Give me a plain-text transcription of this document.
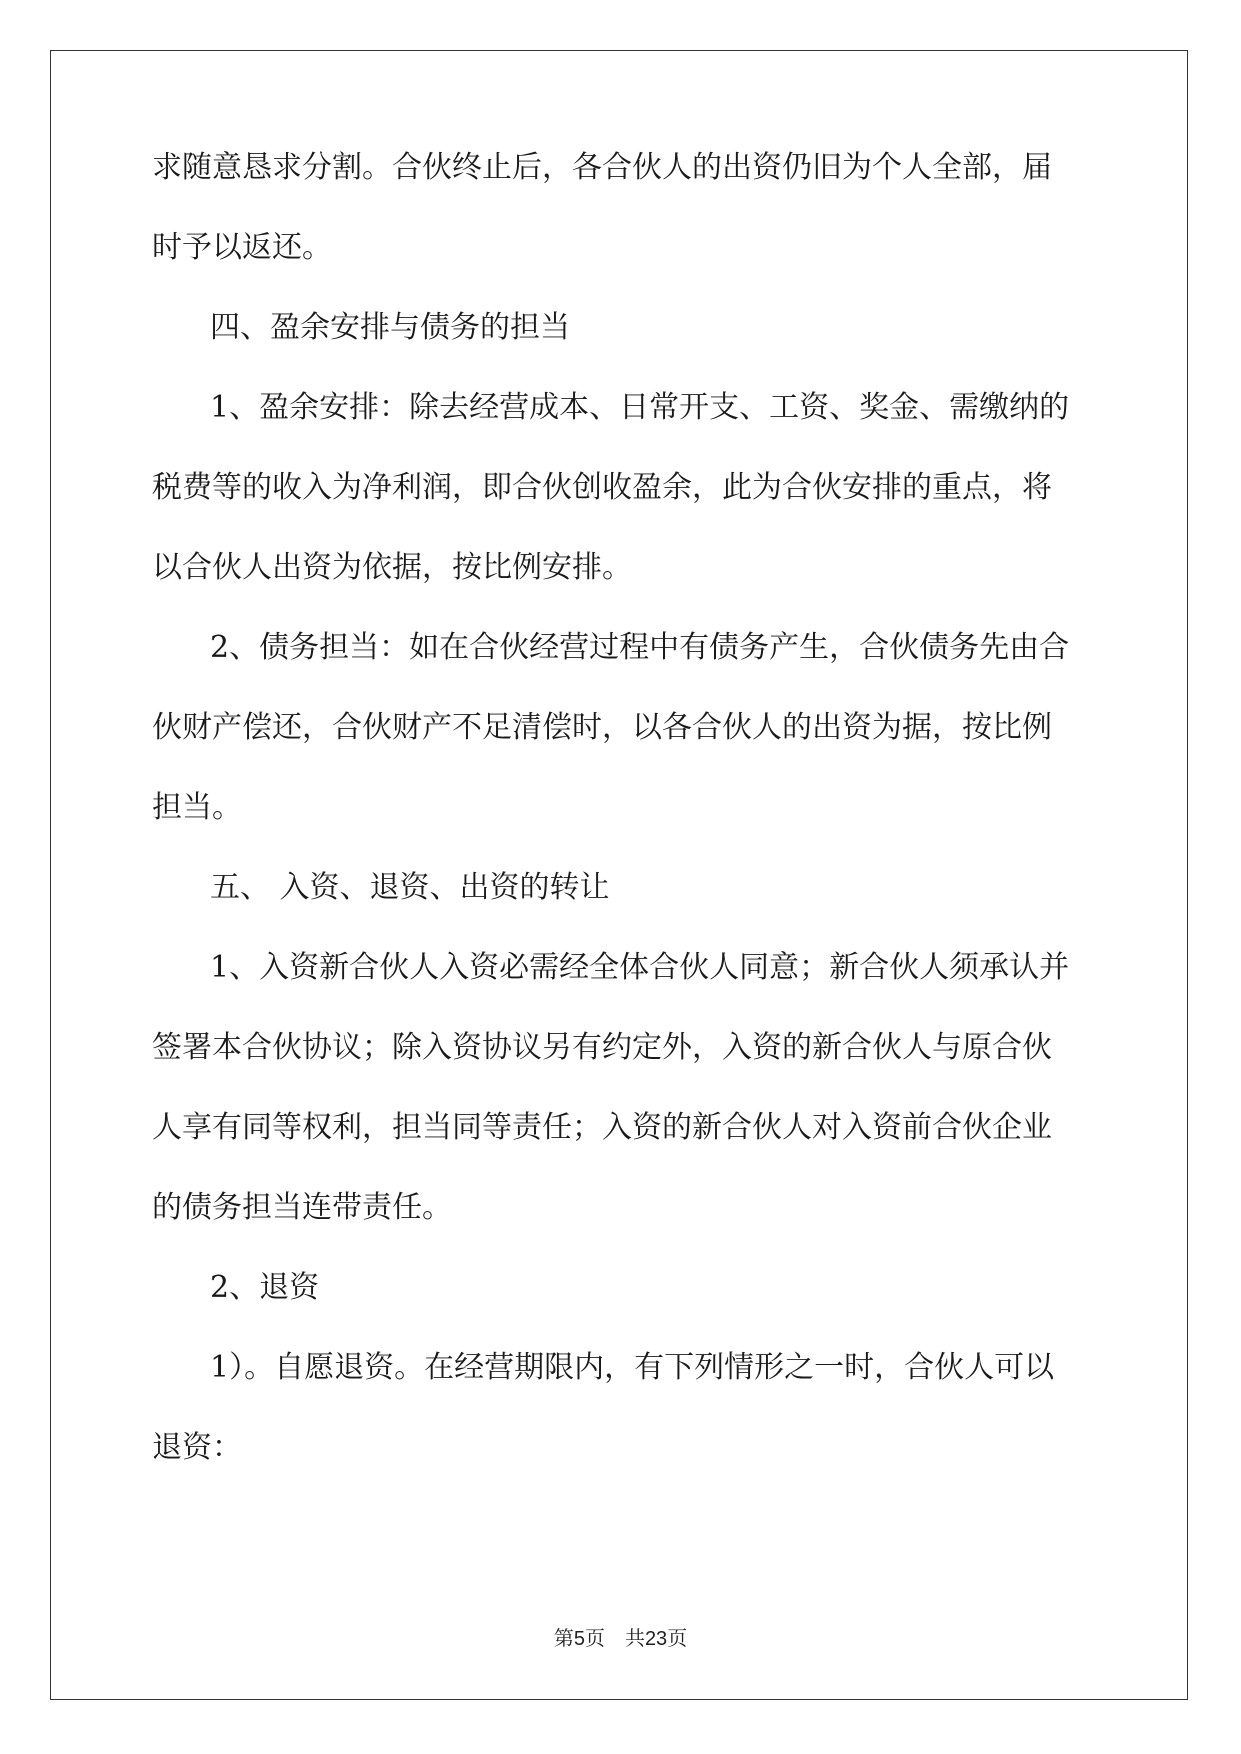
求随意恳求分割。合伙终止后，各合伙人的出资仍旧为个人全部，届
时予以返还。
四、盈余安排与债务的担当
1、盈余安排：除去经营成本、日常开支、工资、奖金、需缴纳的
税费等的收入为净利润，即合伙创收盈余，此为合伙安排的重点，将
以合伙人出资为依据，按比例安排。
2、债务担当：如在合伙经营过程中有债务产生，合伙债务先由合
伙财产偿还，合伙财产不足清偿时，以各合伙人的出资为据，按比例
担当。
五、 入资、退资、出资的转让
1、入资新合伙人入资必需经全体合伙人同意；新合伙人须承认并
签署本合伙协议；除入资协议另有约定外，入资的新合伙人与原合伙
人享有同等权利，担当同等责任；入资的新合伙人对入资前合伙企业
的债务担当连带责任。
2、退资
1）。自愿退资。在经营期限内，有下列情形之一时，合伙人可以
退资：
第5页 共23页
